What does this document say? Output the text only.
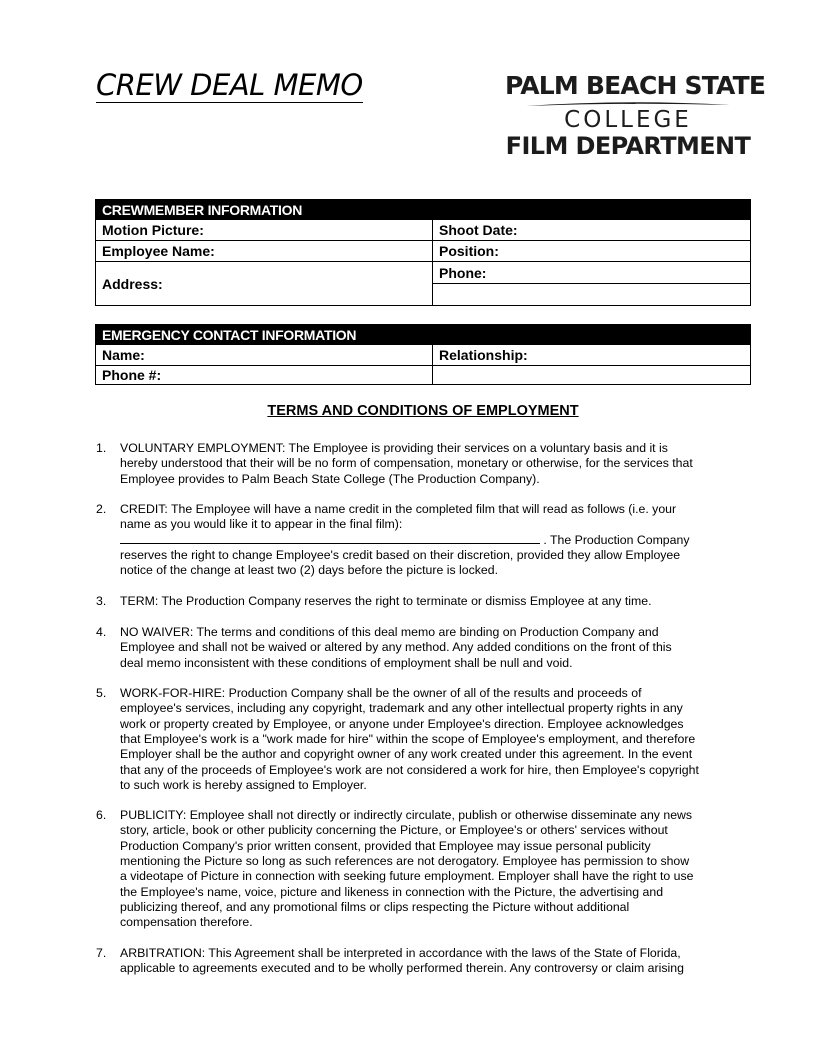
CREW DEAL MEMO	PALM BEACH STATE
COLLEGE
FILM DEPARTMENT
CREWMEMBER INFORMATION	
Motion Picture:	Shoot Date:
Employee Name:	Position:
Address:	Phone:

EMERGENCY CONTACT INFORMATION	
Name:	Relationship:
Phone #:	
TERMS AND CONDITIONS OF EMPLOYMENT
1. VOLUNTARY EMPLOYMENT: The Employee is providing their services on a voluntary basis and it is
hereby understood that their will be no form of compensation, monetary or otherwise, for the services that
Employee provides to Palm Beach State College (The Production Company).
2. CREDIT: The Employee will have a name credit in the completed film that will read as follows (i.e. your
name as you would like it to appear in the final film):
. The Production Company
reserves the right to change Employee's credit based on their discretion, provided they allow Employee
notice of the change at least two (2) days before the picture is locked.
3. TERM: The Production Company reserves the right to terminate or dismiss Employee at any time.
4. NO WAIVER: The terms and conditions of this deal memo are binding on Production Company and
Employee and shall not be waived or altered by any method. Any added conditions on the front of this
deal memo inconsistent with these conditions of employment shall be null and void.
5. WORK-FOR-HIRE: Production Company shall be the owner of all of the results and proceeds of
employee's services, including any copyright, trademark and any other intellectual property rights in any
work or property created by Employee, or anyone under Employee's direction. Employee acknowledges
that Employee's work is a "work made for hire" within the scope of Employee's employment, and therefore
Employer shall be the author and copyright owner of any work created under this agreement. In the event
that any of the proceeds of Employee's work are not considered a work for hire, then Employee's copyright
to such work is hereby assigned to Employer.
6. PUBLICITY: Employee shall not directly or indirectly circulate, publish or otherwise disseminate any news
story, article, book or other publicity concerning the Picture, or Employee's or others' services without
Production Company's prior written consent, provided that Employee may issue personal publicity
mentioning the Picture so long as such references are not derogatory. Employee has permission to show
a videotape of Picture in connection with seeking future employment. Employer shall have the right to use
the Employee's name, voice, picture and likeness in connection with the Picture, the advertising and
publicizing thereof, and any promotional films or clips respecting the Picture without additional
compensation therefore.
7. ARBITRATION: This Agreement shall be interpreted in accordance with the laws of the State of Florida,
applicable to agreements executed and to be wholly performed therein. Any controversy or claim arising
